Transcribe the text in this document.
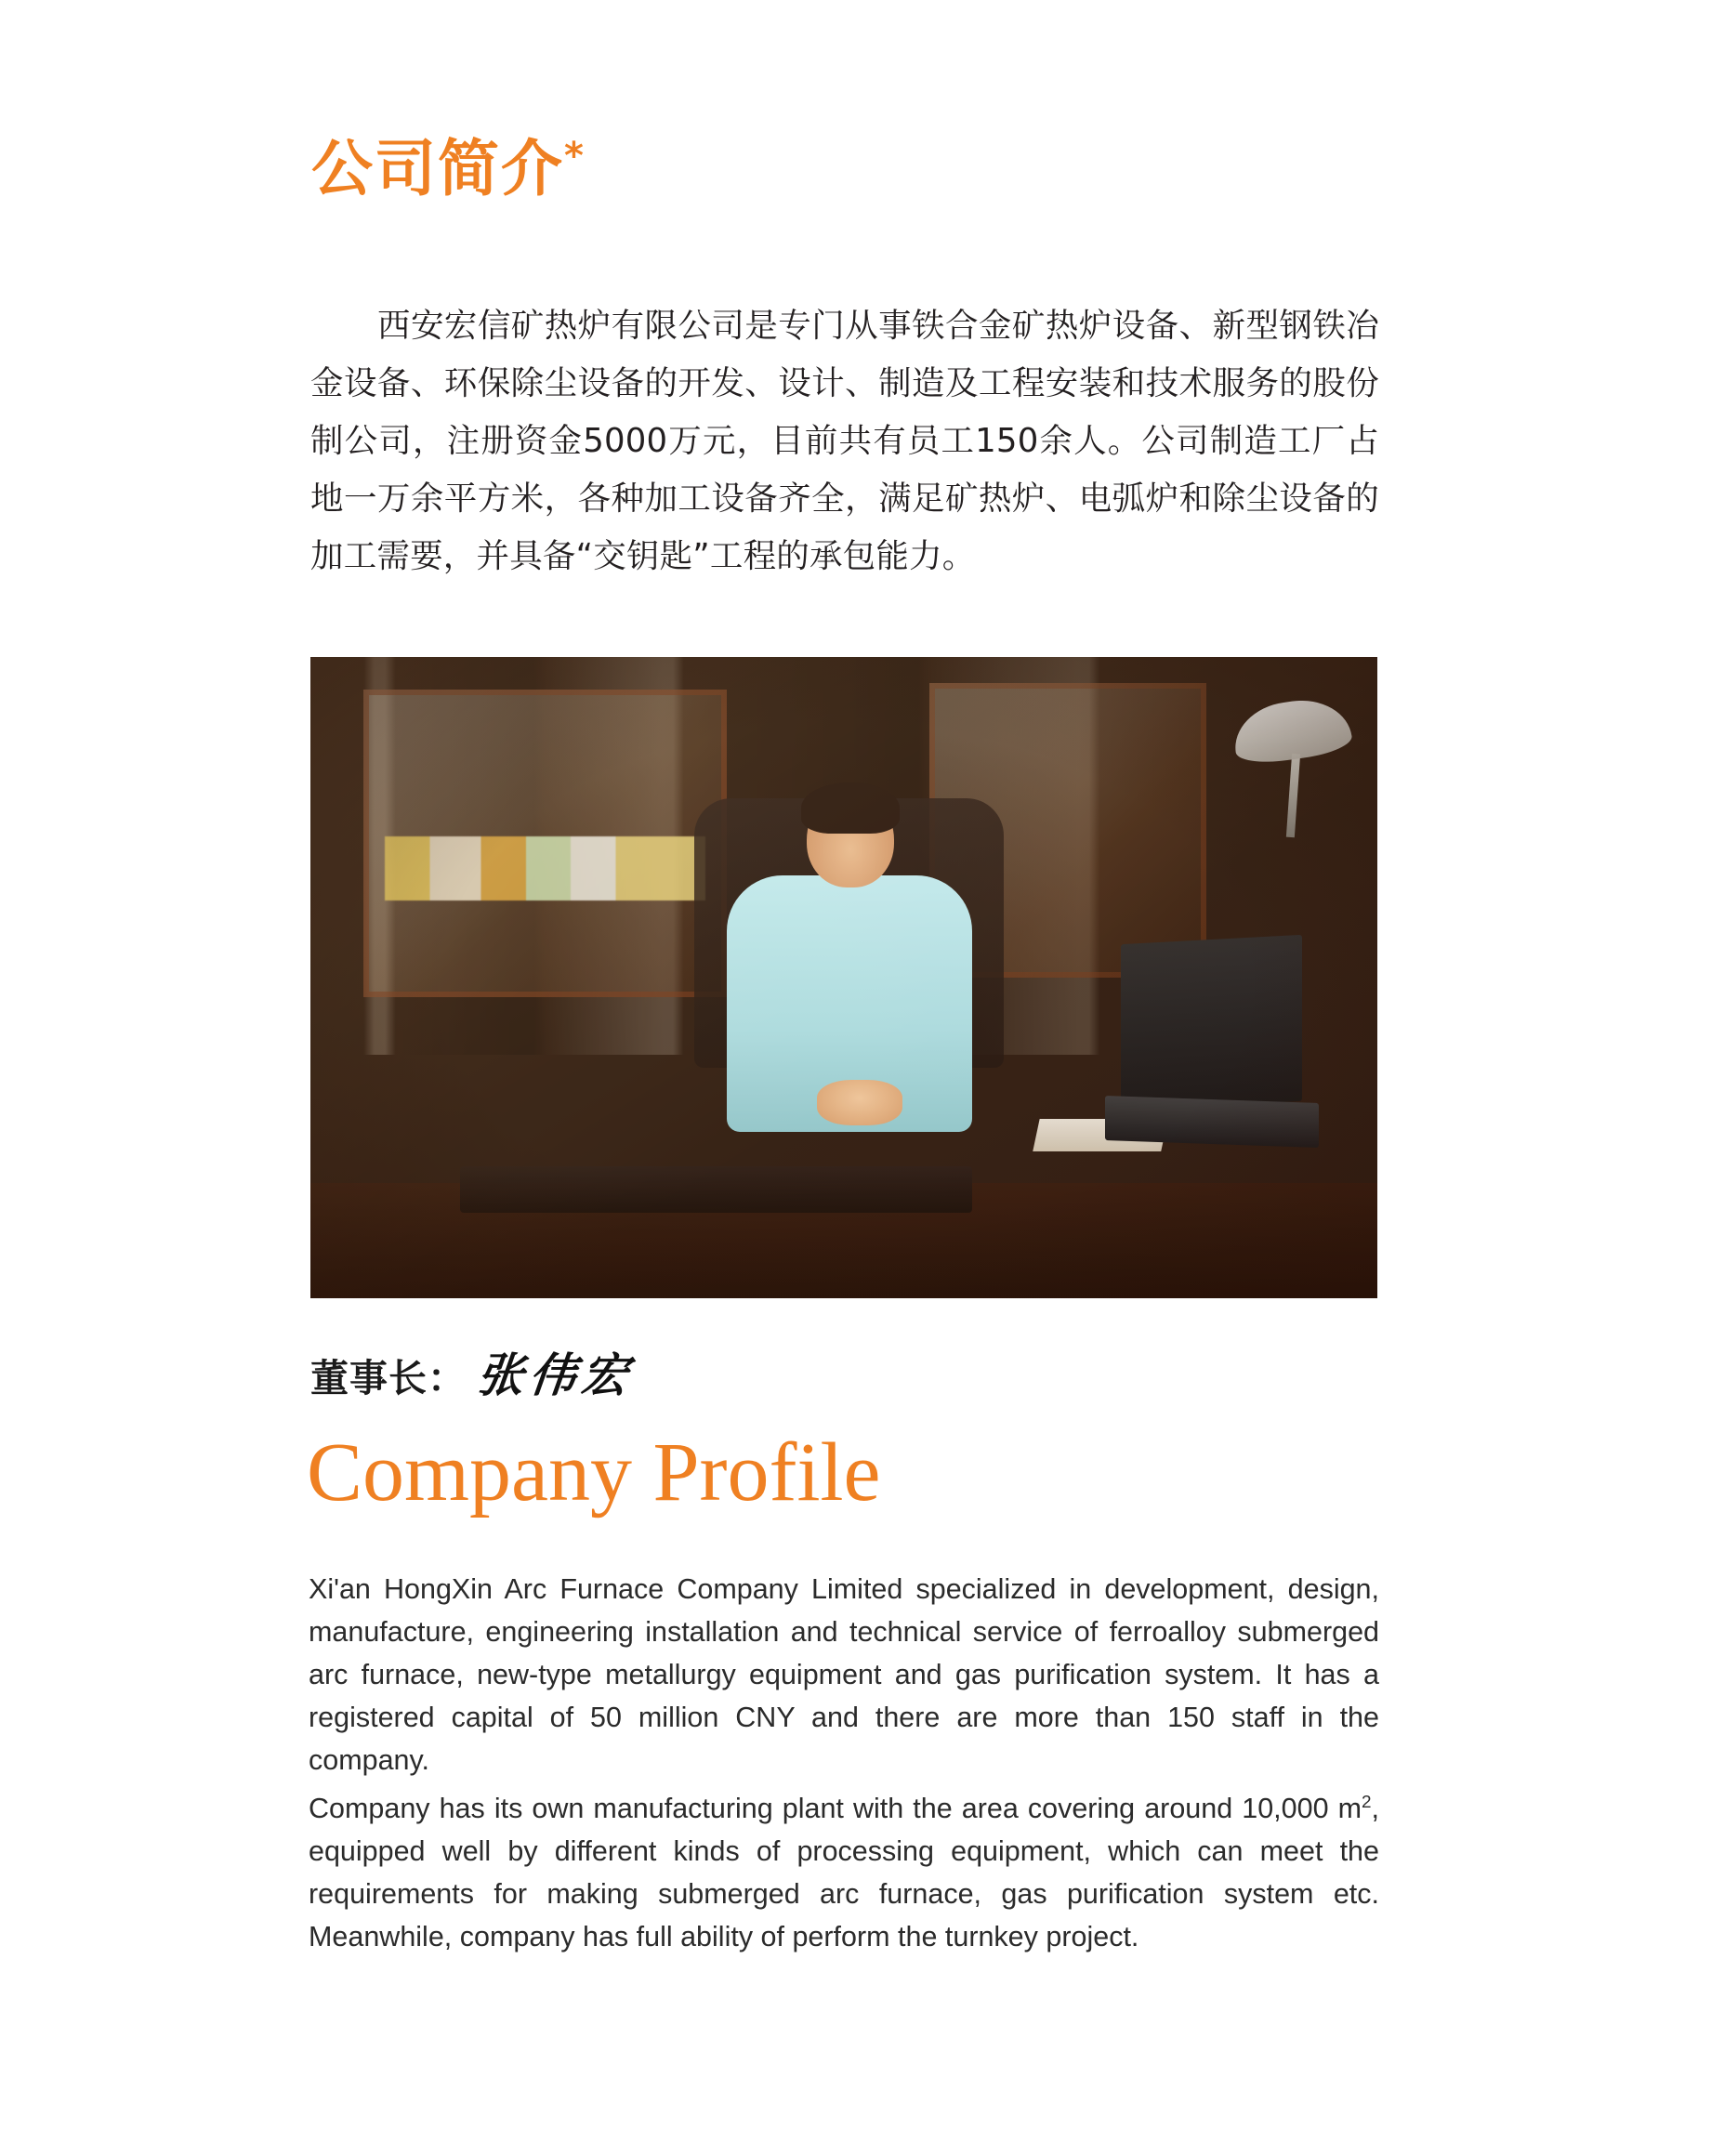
公司简介*
西安宏信矿热炉有限公司是专门从事铁合金矿热炉设备、新型钢铁冶金设备、环保除尘设备的开发、设计、制造及工程安装和技术服务的股份制公司，注册资金5000万元，目前共有员工150余人。公司制造工厂占地一万余平方米，各种加工设备齐全，满足矿热炉、电弧炉和除尘设备的加工需要，并具备“交钥匙”工程的承包能力。
董事长： 张伟宏
Company Profile

Xi'an HongXin Arc Furnace Company Limited specialized in development, design, manufacture, engineering installation and technical service of ferroalloy submerged arc furnace, new-type metallurgy equipment and gas purification system. It has a registered capital of 50 million CNY and there are more than 150 staff in the company.

Company has its own manufacturing plant with the area covering around 10,000 $m^2$, equipped well by different kinds of processing equipment, which can meet the requirements for making submerged arc furnace, gas purification system etc. Meanwhile, company has full ability of perform the turnkey project.
